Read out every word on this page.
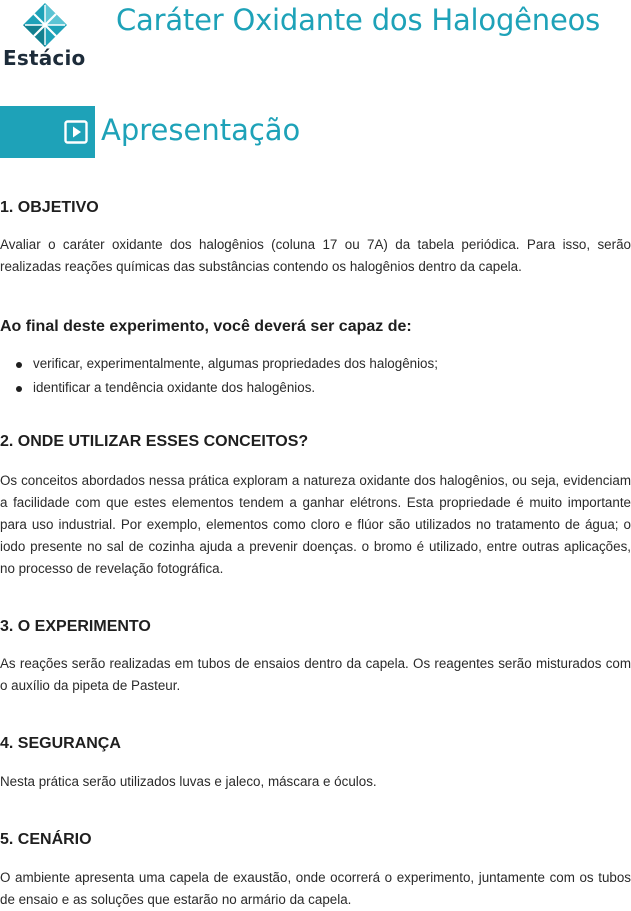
Estácio
Caráter Oxidante dos Halogêneos
Apresentação
1. OBJETIVO

Avaliar o caráter oxidante dos halogênios (coluna 17 ou 7A) da tabela periódica. Para isso, serão realizadas reações químicas das substâncias contendo os halogênios dentro da capela.

Ao final deste experimento, você deverá ser capaz de:
verificar, experimentalmente, algumas propriedades dos halogênios;
identificar a tendência oxidante dos halogênios.
2. ONDE UTILIZAR ESSES CONCEITOS?

Os conceitos abordados nessa prática exploram a natureza oxidante dos halogênios, ou seja, evidenciam a facilidade com que estes elementos tendem a ganhar elétrons. Esta propriedade é muito importante para uso industrial. Por exemplo, elementos como cloro e flúor são utilizados no tratamento de água; o iodo presente no sal de cozinha ajuda a prevenir doenças. o bromo é utilizado, entre outras aplicações, no processo de revelação fotográfica.

3. O EXPERIMENTO

As reações serão realizadas em tubos de ensaios dentro da capela. Os reagentes serão misturados com o auxílio da pipeta de Pasteur.

4. SEGURANÇA

Nesta prática serão utilizados luvas e jaleco, máscara e óculos.

5. CENÁRIO

O ambiente apresenta uma capela de exaustão, onde ocorrerá o experimento, juntamente com os tubos de ensaio e as soluções que estarão no armário da capela.
